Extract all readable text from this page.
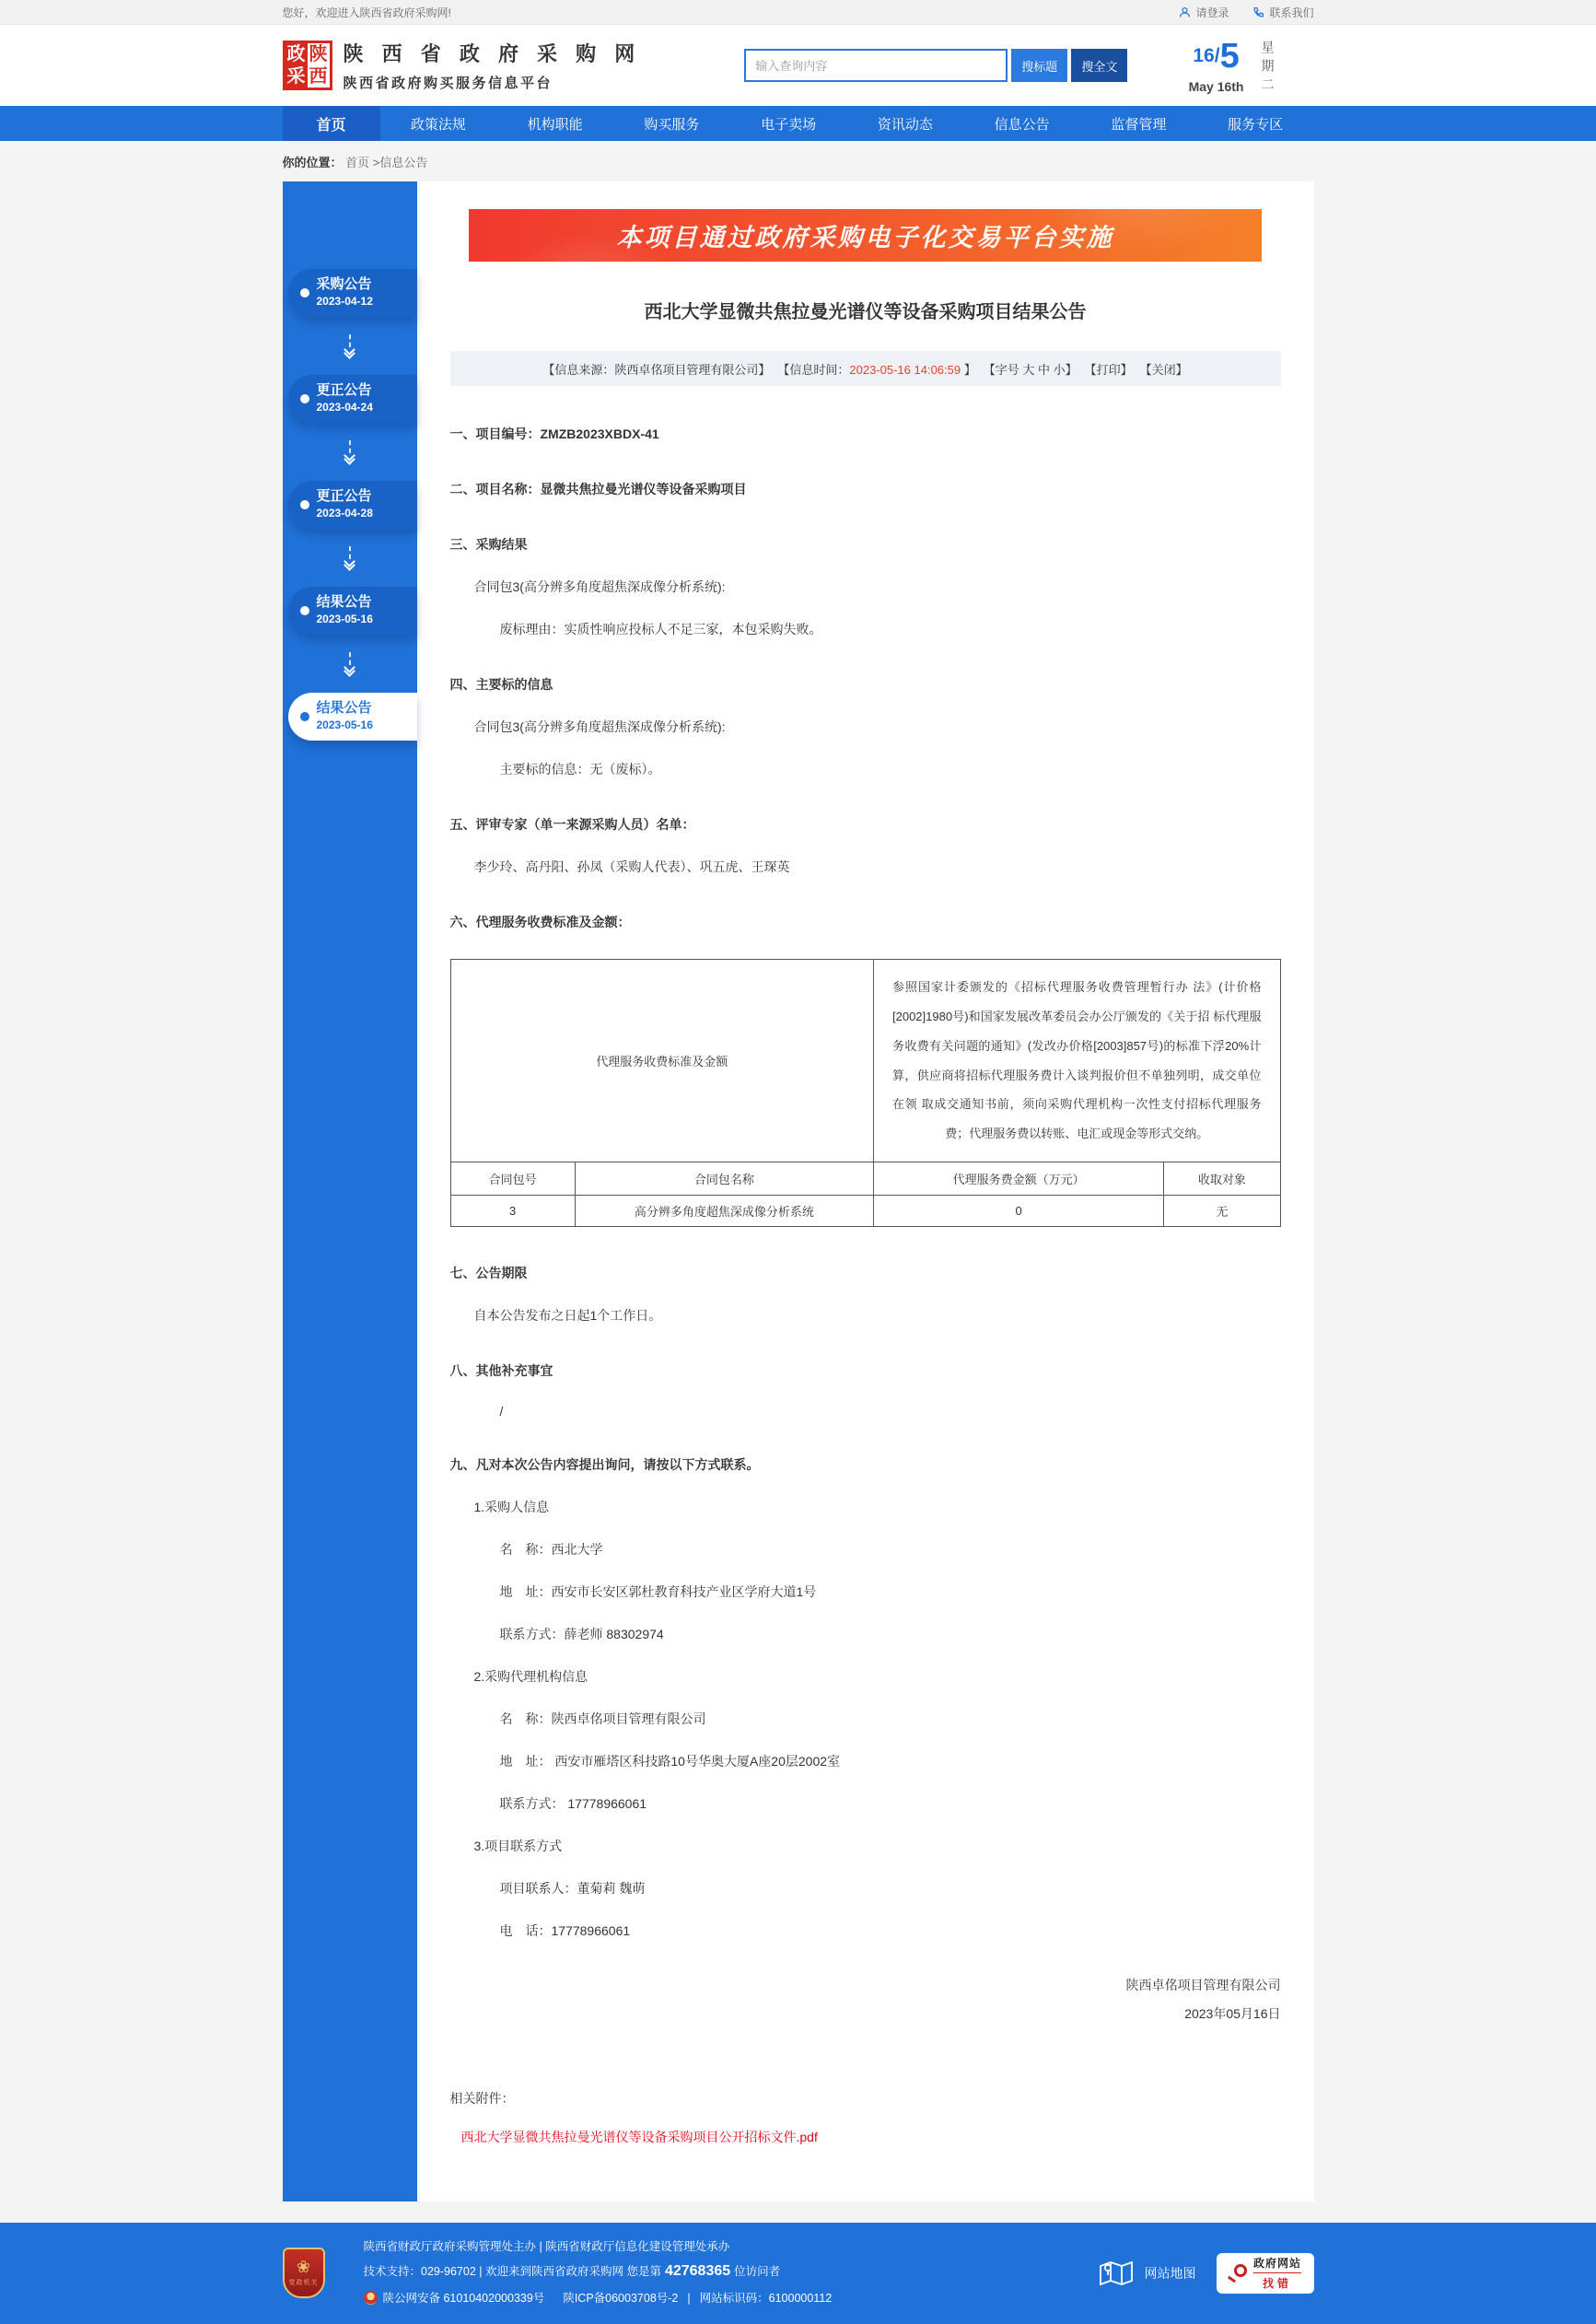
您好，欢迎进入陕西省政府采购网!	请登录	联系我们
政 陕
采 西
陕 西 省 政 府 采 购 网
陕西省政府购买服务信息平台
输入查询内容
搜标题	搜全文	16/5
May 16th 星期二
首页	政策法规	机构职能	购买服务	电子卖场	资讯动态	信息公告	监督管理	服务专区
你的位置： 首页 >信息公告
采购公告
2023-04-12
更正公告
2023-04-24
更正公告
2023-04-28
结果公告
2023-05-16
结果公告
2023-05-16
本项目通过政府采购电子化交易平台实施
西北大学显微共焦拉曼光谱仪等设备采购项目结果公告
【信息来源：陕西卓佲项目管理有限公司】 【信息时间：2023-05-16 14:06:59 】 【字号 大 中 小】 【打印】 【关闭】
一、项目编号：ZMZB2023XBDX-41
二、项目名称：显微共焦拉曼光谱仪等设备采购项目
三、采购结果
合同包3(高分辨多角度超焦深成像分析系统):
废标理由：实质性响应投标人不足三家，本包采购失败。
四、主要标的信息
合同包3(高分辨多角度超焦深成像分析系统):
主要标的信息：无（废标）。
五、评审专家（单一来源采购人员）名单：
李少玲、高丹阳、孙凤（采购人代表）、巩五虎、王琛英
六、代理服务收费标准及金额：
代理服务收费标准及金额		参照国家计委颁发的《招标代理服务收费管理暂行办 法》(计价格[2002]1980号)和国家发展改革委员会办公厅颁发的《关于招 标代理服务收费有关问题的通知》(发改办价格[2003]857号)的标准下浮20%计算，供应商将招标代理服务费计入谈判报价但不单独列明，成交单位在领 取成交通知书前，须向采购代理机构一次性支付招标代理服务费；代理服务费以转账、电汇或现金等形式交纳。	
合同包号	合同包名称	代理服务费金额（万元）	收取对象
3	高分辨多角度超焦深成像分析系统	0	无
七、公告期限
自本公告发布之日起1个工作日。
八、其他补充事宜
/
九、凡对本次公告内容提出询问，请按以下方式联系。
1.采购人信息
名　称：西北大学
地　址：西安市长安区郭杜教育科技产业区学府大道1号
联系方式：薛老师 88302974
2.采购代理机构信息
名　称：陕西卓佲项目管理有限公司
地　址： 西安市雁塔区科技路10号华奥大厦A座20层2002室
联系方式： 17778966061
3.项目联系方式
项目联系人：董菊莉 魏萌
电　话：17778966061
陕西卓佲项目管理有限公司
2023年05月16日
相关附件：
西北大学显微共焦拉曼光谱仪等设备采购项目公开招标文件.pdf
❀
党政机关
陕西省财政厅政府采购管理处主办 | 陕西省财政厅信息化建设管理处承办
技术支持：029-96702 | 欢迎来到陕西省政府采购网 您是第 42768365 位访问者
陕公网安备 61010402000339号 陕ICP备06003708号-2 | 网站标识码：6100000112
网站地图
政府网站
找错
